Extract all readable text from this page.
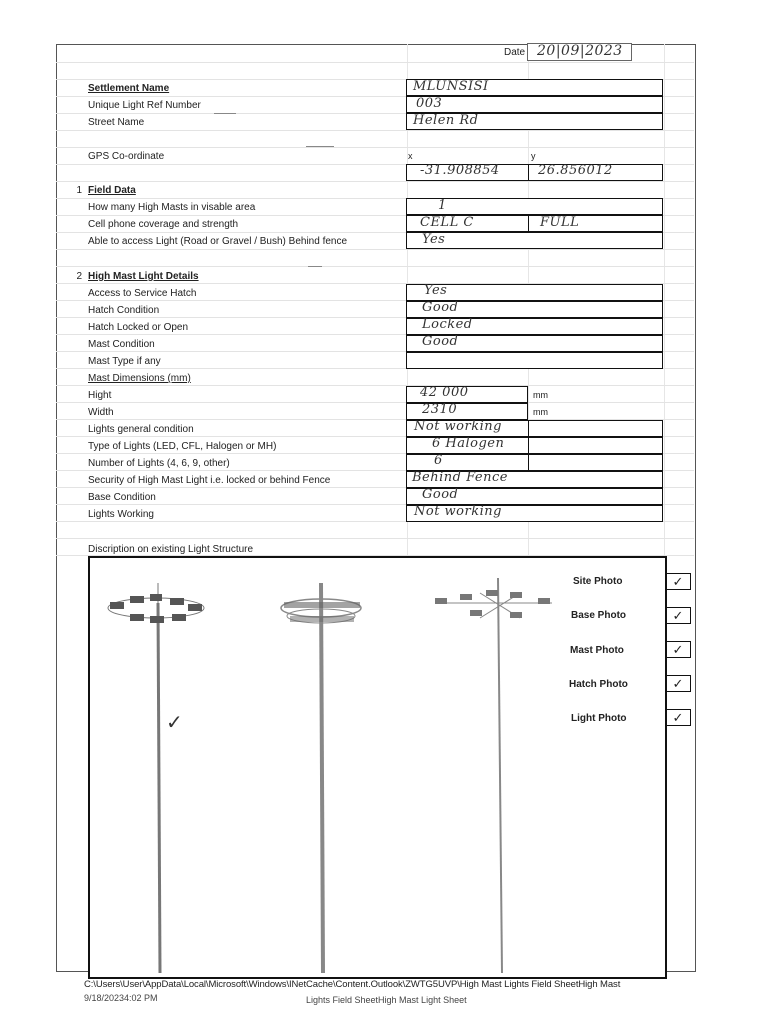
Date 20|09|2023
Settlement Name	MLUNSISI
Unique Light Ref Number	003
Street Name	Helen Rd
GPS Co-ordinate	x	y
-31.908854	26.856012
1 Field Data
How many High Masts in visable area	1
Cell phone coverage and strength	CELL C	FULL
Able to access Light (Road or Gravel / Bush) Behind fence	Yes
2 High Mast Light Details
Access to Service Hatch	Yes
Hatch Condition	Good
Hatch Locked or Open	Locked
Mast Condition	Good
Mast Type if any
Mast Dimensions (mm)
Hight	42 000	mm
Width	2310	mm
Lights general condition	Not working
Type of Lights (LED, CFL, Halogen or MH)	6 Halogen
Number of Lights (4, 6, 9, other)	6
Security of High Mast Light i.e. locked or behind Fence	Behind Fence
Base Condition	Good
Lights Working	Not working
Discription on existing Light Structure
✓
Site Photo	✓
Base Photo	✓
Mast Photo	✓
Hatch Photo	✓
Light Photo	✓
C:\Users\User\AppData\Local\Microsoft\Windows\INetCache\Content.Outlook\ZWTG5UVP\High Mast Lights Field SheetHigh Mast
9/18/20234:02 PM	Lights Field SheetHigh Mast Light Sheet
